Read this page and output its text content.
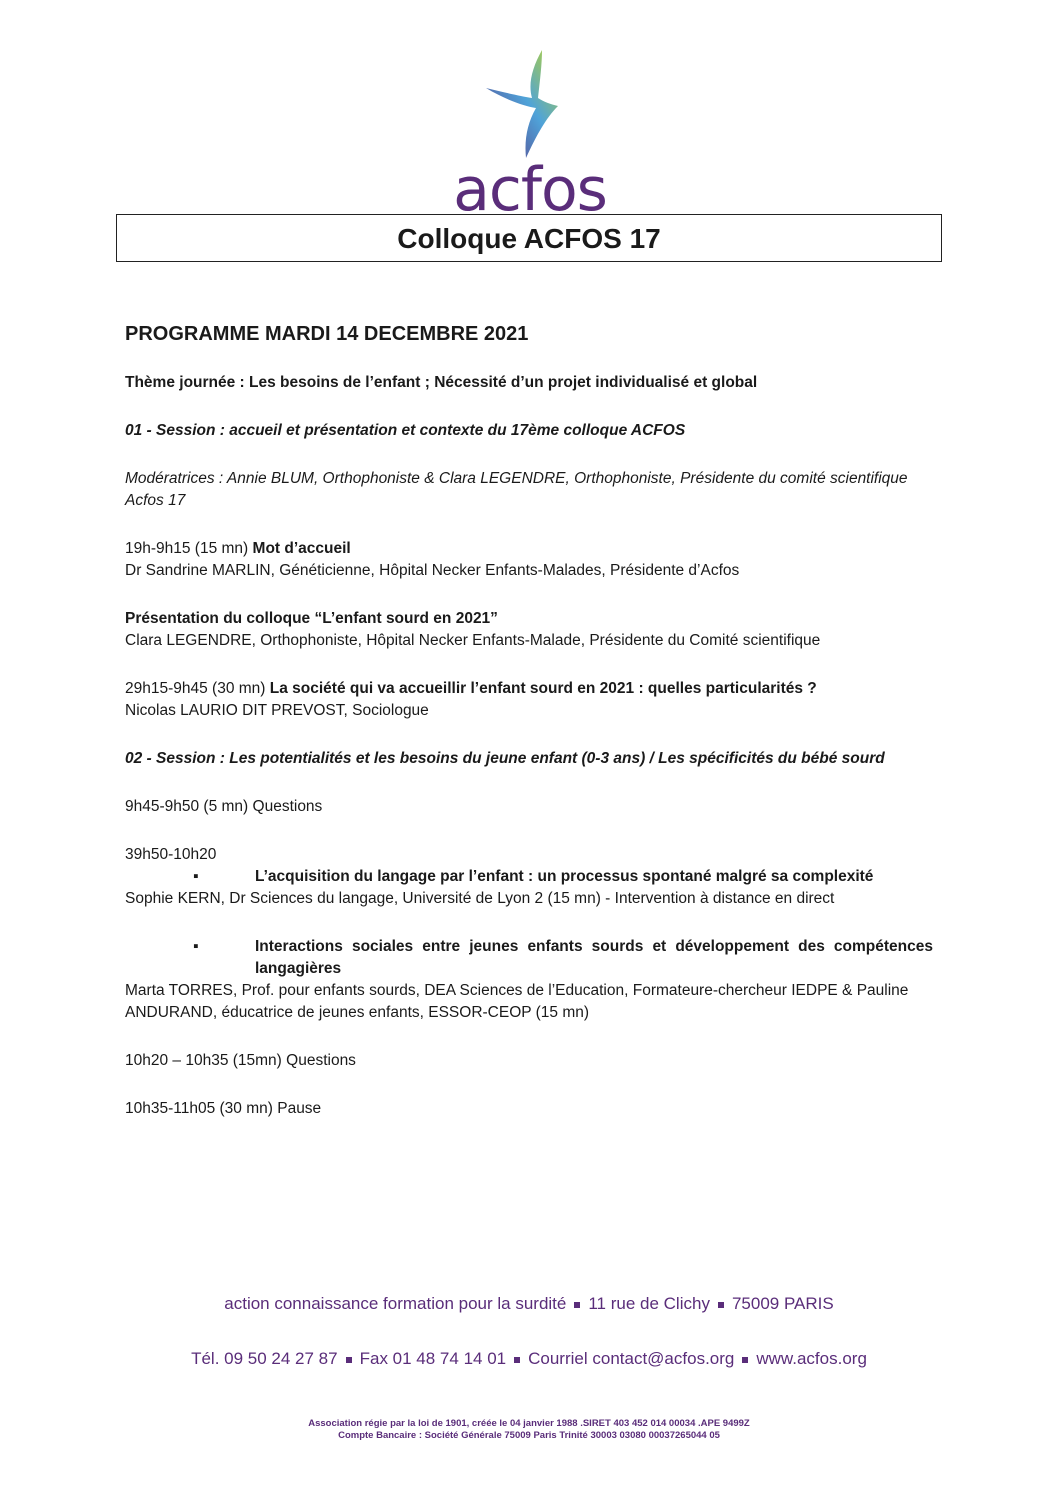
acfos
Colloque ACFOS 17

PROGRAMME MARDI 14 DECEMBRE 2021

Thème journée : Les besoins de l’enfant ; Nécessité d’un projet individualisé et global

01 - Session : accueil et présentation et contexte du 17ème colloque ACFOS

Modératrices : Annie BLUM, Orthophoniste & Clara LEGENDRE, Orthophoniste, Présidente du comité scientifique Acfos 17

19h-9h15 (15 mn) Mot d’accueil

Dr Sandrine MARLIN, Généticienne, Hôpital Necker Enfants-Malades, Présidente d’Acfos

Présentation du colloque “L’enfant sourd en 2021”

Clara LEGENDRE, Orthophoniste, Hôpital Necker Enfants-Malade, Présidente du Comité scientifique

29h15-9h45 (30 mn) La société qui va accueillir l’enfant sourd en 2021 : quelles particularités ?

Nicolas LAURIO DIT PREVOST, Sociologue

02 - Session : Les potentialités et les besoins du jeune enfant (0-3 ans) / Les spécificités du bébé sourd

9h45-9h50 (5 mn) Questions

39h50-10h20

▪	L’acquisition du langage par l’enfant : un processus spontané malgré sa complexité

Sophie KERN, Dr Sciences du langage, Université de Lyon 2 (15 mn) - Intervention à distance en direct

▪	Interactions sociales entre jeunes enfants sourds et développement des compétences langagières

Marta TORRES, Prof. pour enfants sourds, DEA Sciences de l’Education, Formateure-chercheur IEDPE & Pauline ANDURAND, éducatrice de jeunes enfants, ESSOR-CEOP (15 mn)

10h20 – 10h35 (15mn) Questions

10h35-11h05 (30 mn) Pause

action connaissance formation pour la surdité 11 rue de Clichy 75009 PARIS
Tél. 09 50 24 27 87 Fax 01 48 74 14 01 Courriel contact@acfos.org www.acfos.org
Association régie par la loi de 1901, créée le 04 janvier 1988 .SIRET 403 452 014 00034 .APE 9499Z
Compte Bancaire : Société Générale 75009 Paris Trinité 30003 03080 00037265044 05
